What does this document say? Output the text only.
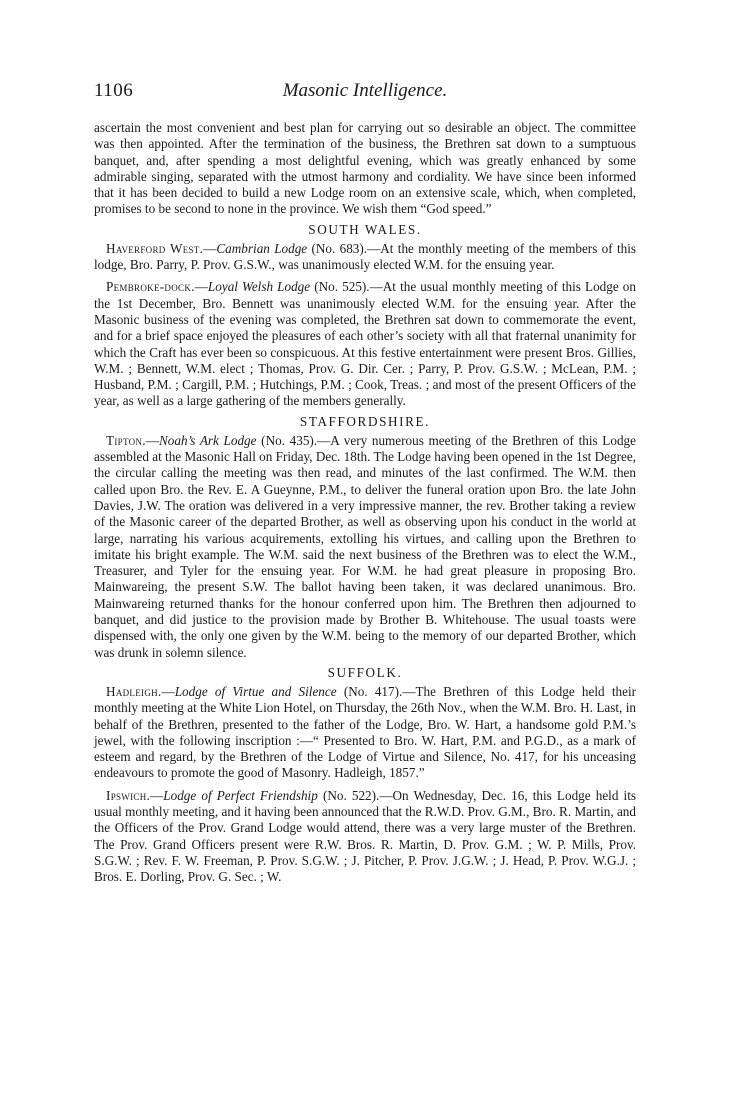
1106	Masonic Intelligence.

ascertain the most convenient and best plan for carrying out so desirable an object. The committee was then appointed. After the termination of the business, the Brethren sat down to a sumptuous banquet, and, after spending a most delightful evening, which was greatly enhanced by some admirable singing, separated with the utmost harmony and cordiality. We have since been informed that it has been decided to build a new Lodge room on an extensive scale, which, when completed, promises to be second to none in the province. We wish them “God speed.”

SOUTH WALES.

Haverford West.—Cambrian Lodge (No. 683).—At the monthly meeting of the members of this lodge, Bro. Parry, P. Prov. G.S.W., was unanimously elected W.M. for the ensuing year.

Pembroke-dock.—Loyal Welsh Lodge (No. 525).—At the usual monthly meeting of this Lodge on the 1st December, Bro. Bennett was unanimously elected W.M. for the ensuing year. After the Masonic business of the evening was completed, the Brethren sat down to commemorate the event, and for a brief space enjoyed the pleasures of each other’s society with all that fraternal unanimity for which the Craft has ever been so conspicuous. At this festive entertainment were present Bros. Gillies, W.M. ; Bennett, W.M. elect ; Thomas, Prov. G. Dir. Cer. ; Parry, P. Prov. G.S.W. ; McLean, P.M. ; Husband, P.M. ; Cargill, P.M. ; Hutchings, P.M. ; Cook, Treas. ; and most of the present Officers of the year, as well as a large gathering of the members generally.

STAFFORDSHIRE.

Tipton.—Noah’s Ark Lodge (No. 435).—A very numerous meeting of the Brethren of this Lodge assembled at the Masonic Hall on Friday, Dec. 18th. The Lodge having been opened in the 1st Degree, the circular calling the meeting was then read, and minutes of the last confirmed. The W.M. then called upon Bro. the Rev. E. A Gueynne, P.M., to deliver the funeral oration upon Bro. the late John Davies, J.W. The oration was delivered in a very impressive manner, the rev. Brother taking a review of the Masonic career of the departed Brother, as well as observing upon his conduct in the world at large, narrating his various acquirements, extolling his virtues, and calling upon the Brethren to imitate his bright example. The W.M. said the next business of the Brethren was to elect the W.M., Treasurer, and Tyler for the ensuing year. For W.M. he had great pleasure in proposing Bro. Mainwareing, the present S.W. The ballot having been taken, it was declared unanimous. Bro. Mainwareing returned thanks for the honour conferred upon him. The Brethren then adjourned to banquet, and did justice to the provision made by Brother B. Whitehouse. The usual toasts were dispensed with, the only one given by the W.M. being to the memory of our departed Brother, which was drunk in solemn silence.

SUFFOLK.

Hadleigh.—Lodge of Virtue and Silence (No. 417).—The Brethren of this Lodge held their monthly meeting at the White Lion Hotel, on Thursday, the 26th Nov., when the W.M. Bro. H. Last, in behalf of the Brethren, presented to the father of the Lodge, Bro. W. Hart, a handsome gold P.M.’s jewel, with the following inscription :—“ Presented to Bro. W. Hart, P.M. and P.G.D., as a mark of esteem and regard, by the Brethren of the Lodge of Virtue and Silence, No. 417, for his unceasing endeavours to promote the good of Masonry. Hadleigh, 1857.”

Ipswich.—Lodge of Perfect Friendship (No. 522).—On Wednesday, Dec. 16, this Lodge held its usual monthly meeting, and it having been announced that the R.W.D. Prov. G.M., Bro. R. Martin, and the Officers of the Prov. Grand Lodge would attend, there was a very large muster of the Brethren. The Prov. Grand Officers present were R.W. Bros. R. Martin, D. Prov. G.M. ; W. P. Mills, Prov. S.G.W. ; Rev. F. W. Freeman, P. Prov. S.G.W. ; J. Pitcher, P. Prov. J.G.W. ; J. Head, P. Prov. W.G.J. ; Bros. E. Dorling, Prov. G. Sec. ; W.
